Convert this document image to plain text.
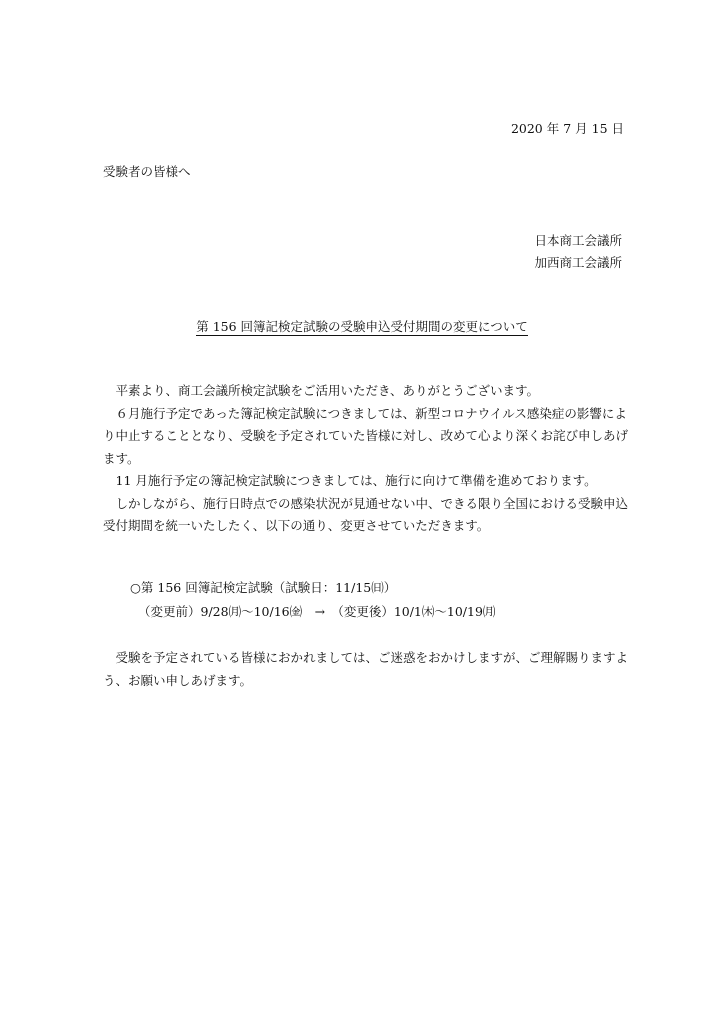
2020 年 7 月 15 日
受験者の皆様へ
日本商工会議所
加西商工会議所
第 156 回簿記検定試験の受験申込受付期間の変更について

平素より、商工会議所検定試験をご活用いただき、ありがとうございます。

６月施行予定であった簿記検定試験につきましては、新型コロナウイルス感染症の影響により中止することとなり、受験を予定されていた皆様に対し、改めて心より深くお詫び申しあげます。

11 月施行予定の簿記検定試験につきましては、施行に向けて準備を進めております。

しかしながら、施行日時点での感染状況が見通せない中、できる限り全国における受験申込受付期間を統一いたしたく、以下の通り、変更させていただきます。

○第 156 回簿記検定試験（試験日：11/15㈰）
（変更前）9/28㈪～10/16㈮　→　（変更後）10/1㈭～10/19㈪

受験を予定されている皆様におかれましては、ご迷惑をおかけしますが、ご理解賜りますよう、お願い申しあげます。
